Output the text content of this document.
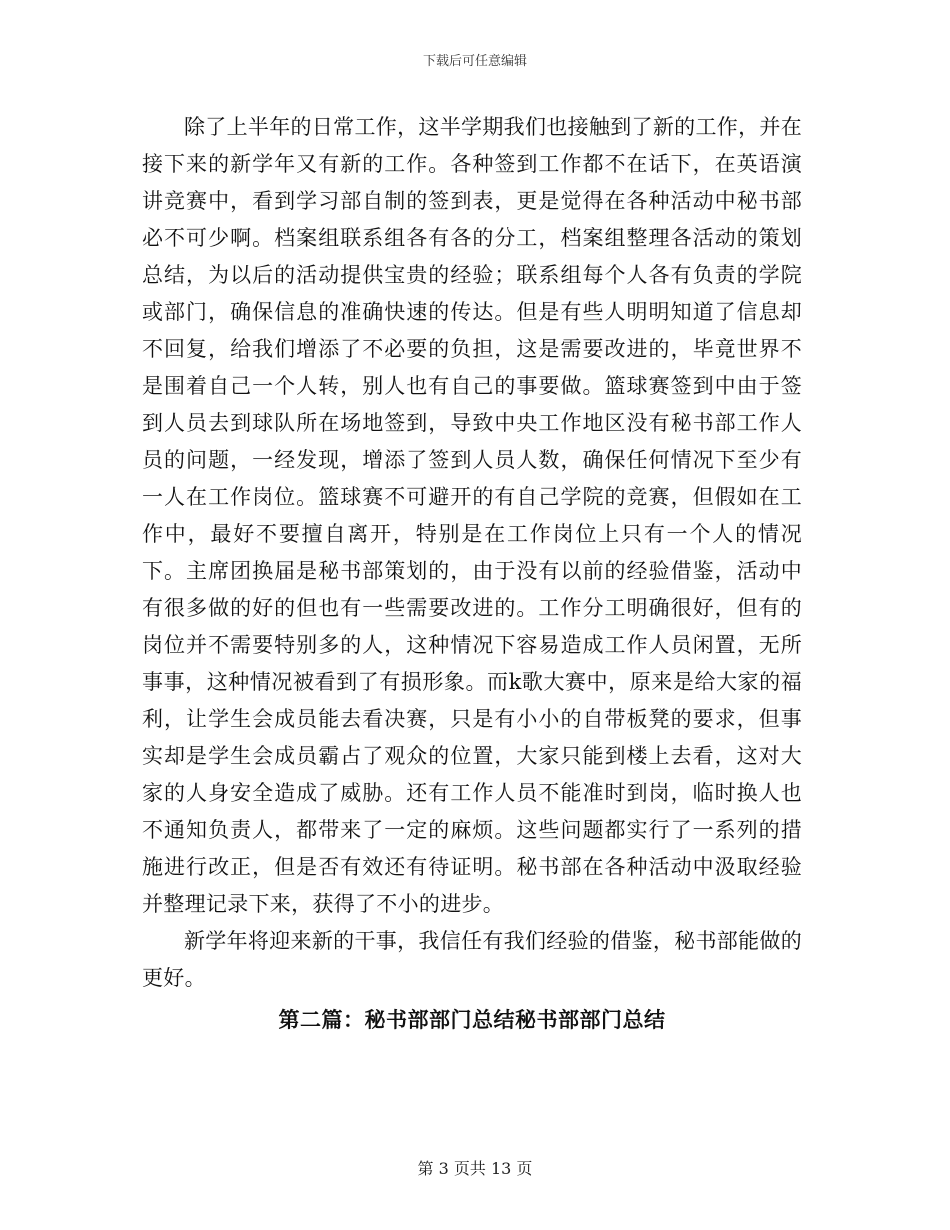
下载后可任意编辑

除了上半年的日常工作，这半学期我们也接触到了新的工作，并在接下来的新学年又有新的工作。各种签到工作都不在话下，在英语演讲竞赛中，看到学习部自制的签到表，更是觉得在各种活动中秘书部必不可少啊。档案组联系组各有各的分工，档案组整理各活动的策划总结，为以后的活动提供宝贵的经验；联系组每个人各有负责的学院或部门，确保信息的准确快速的传达。但是有些人明明知道了信息却不回复，给我们增添了不必要的负担，这是需要改进的，毕竟世界不是围着自己一个人转，别人也有自己的事要做。篮球赛签到中由于签到人员去到球队所在场地签到，导致中央工作地区没有秘书部工作人员的问题，一经发现，增添了签到人员人数，确保任何情况下至少有一人在工作岗位。篮球赛不可避开的有自己学院的竞赛，但假如在工作中，最好不要擅自离开，特别是在工作岗位上只有一个人的情况下。主席团换届是秘书部策划的，由于没有以前的经验借鉴，活动中有很多做的好的但也有一些需要改进的。工作分工明确很好，但有的岗位并不需要特别多的人，这种情况下容易造成工作人员闲置，无所事事，这种情况被看到了有损形象。而k歌大赛中，原来是给大家的福利，让学生会成员能去看决赛，只是有小小的自带板凳的要求，但事实却是学生会成员霸占了观众的位置，大家只能到楼上去看，这对大家的人身安全造成了威胁。还有工作人员不能准时到岗，临时换人也不通知负责人，都带来了一定的麻烦。这些问题都实行了一系列的措施进行改正，但是否有效还有待证明。秘书部在各种活动中汲取经验并整理记录下来，获得了不小的进步。

新学年将迎来新的干事，我信任有我们经验的借鉴，秘书部能做的更好。

第二篇：秘书部部门总结秘书部部门总结

第 3 页共 13 页
